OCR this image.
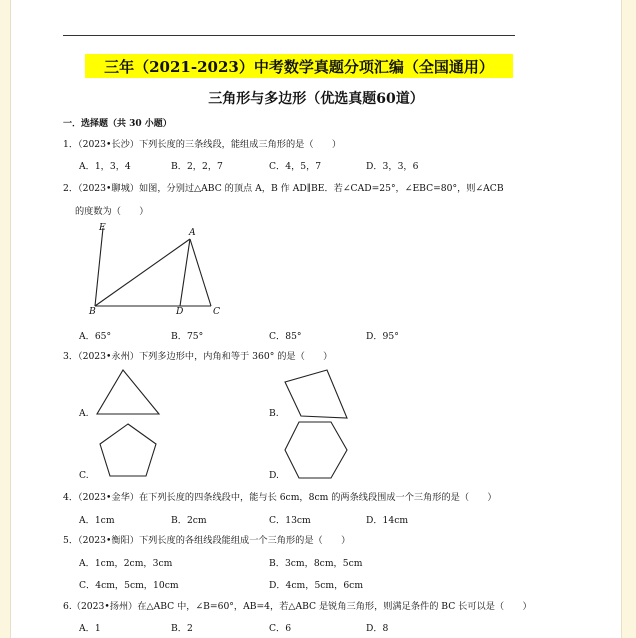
三年（2021-2023）中考数学真题分项汇编（全国通用）
三角形与多边形（优选真题60道）
一．选择题（共 30 小题）
1．（2023•长沙）下列长度的三条线段，能组成三角形的是（　　）
A．1，3，4	B．2，2，7	C．4，5，7	D．3，3，6
2．（2023•聊城）如图，分别过△ABC 的顶点 A，B 作 AD∥BE．若∠CAD=25°，∠EBC=80°，则∠ACB
的度数为（　　）
E	A
B	D	C
A．65°	B．75°	C．85°	D．95°
3．（2023•永州）下列多边形中，内角和等于 360° 的是（　　）
A.	B.
C.	D.
4．（2023•金华）在下列长度的四条线段中，能与长 6cm，8cm 的两条线段围成一个三角形的是（　　）
A．1cm	B．2cm	C．13cm	D．14cm
5．（2023•衡阳）下列长度的各组线段能组成一个三角形的是（　　）
A．1cm，2cm，3cm	B．3cm，8cm，5cm
C．4cm，5cm，10cm	D．4cm，5cm，6cm
6.（2023•扬州）在△ABC 中，∠B=60°，AB=4，若△ABC 是锐角三角形，则满足条件的 BC 长可以是（　　）
A．1	B．2	C．6	D．8
